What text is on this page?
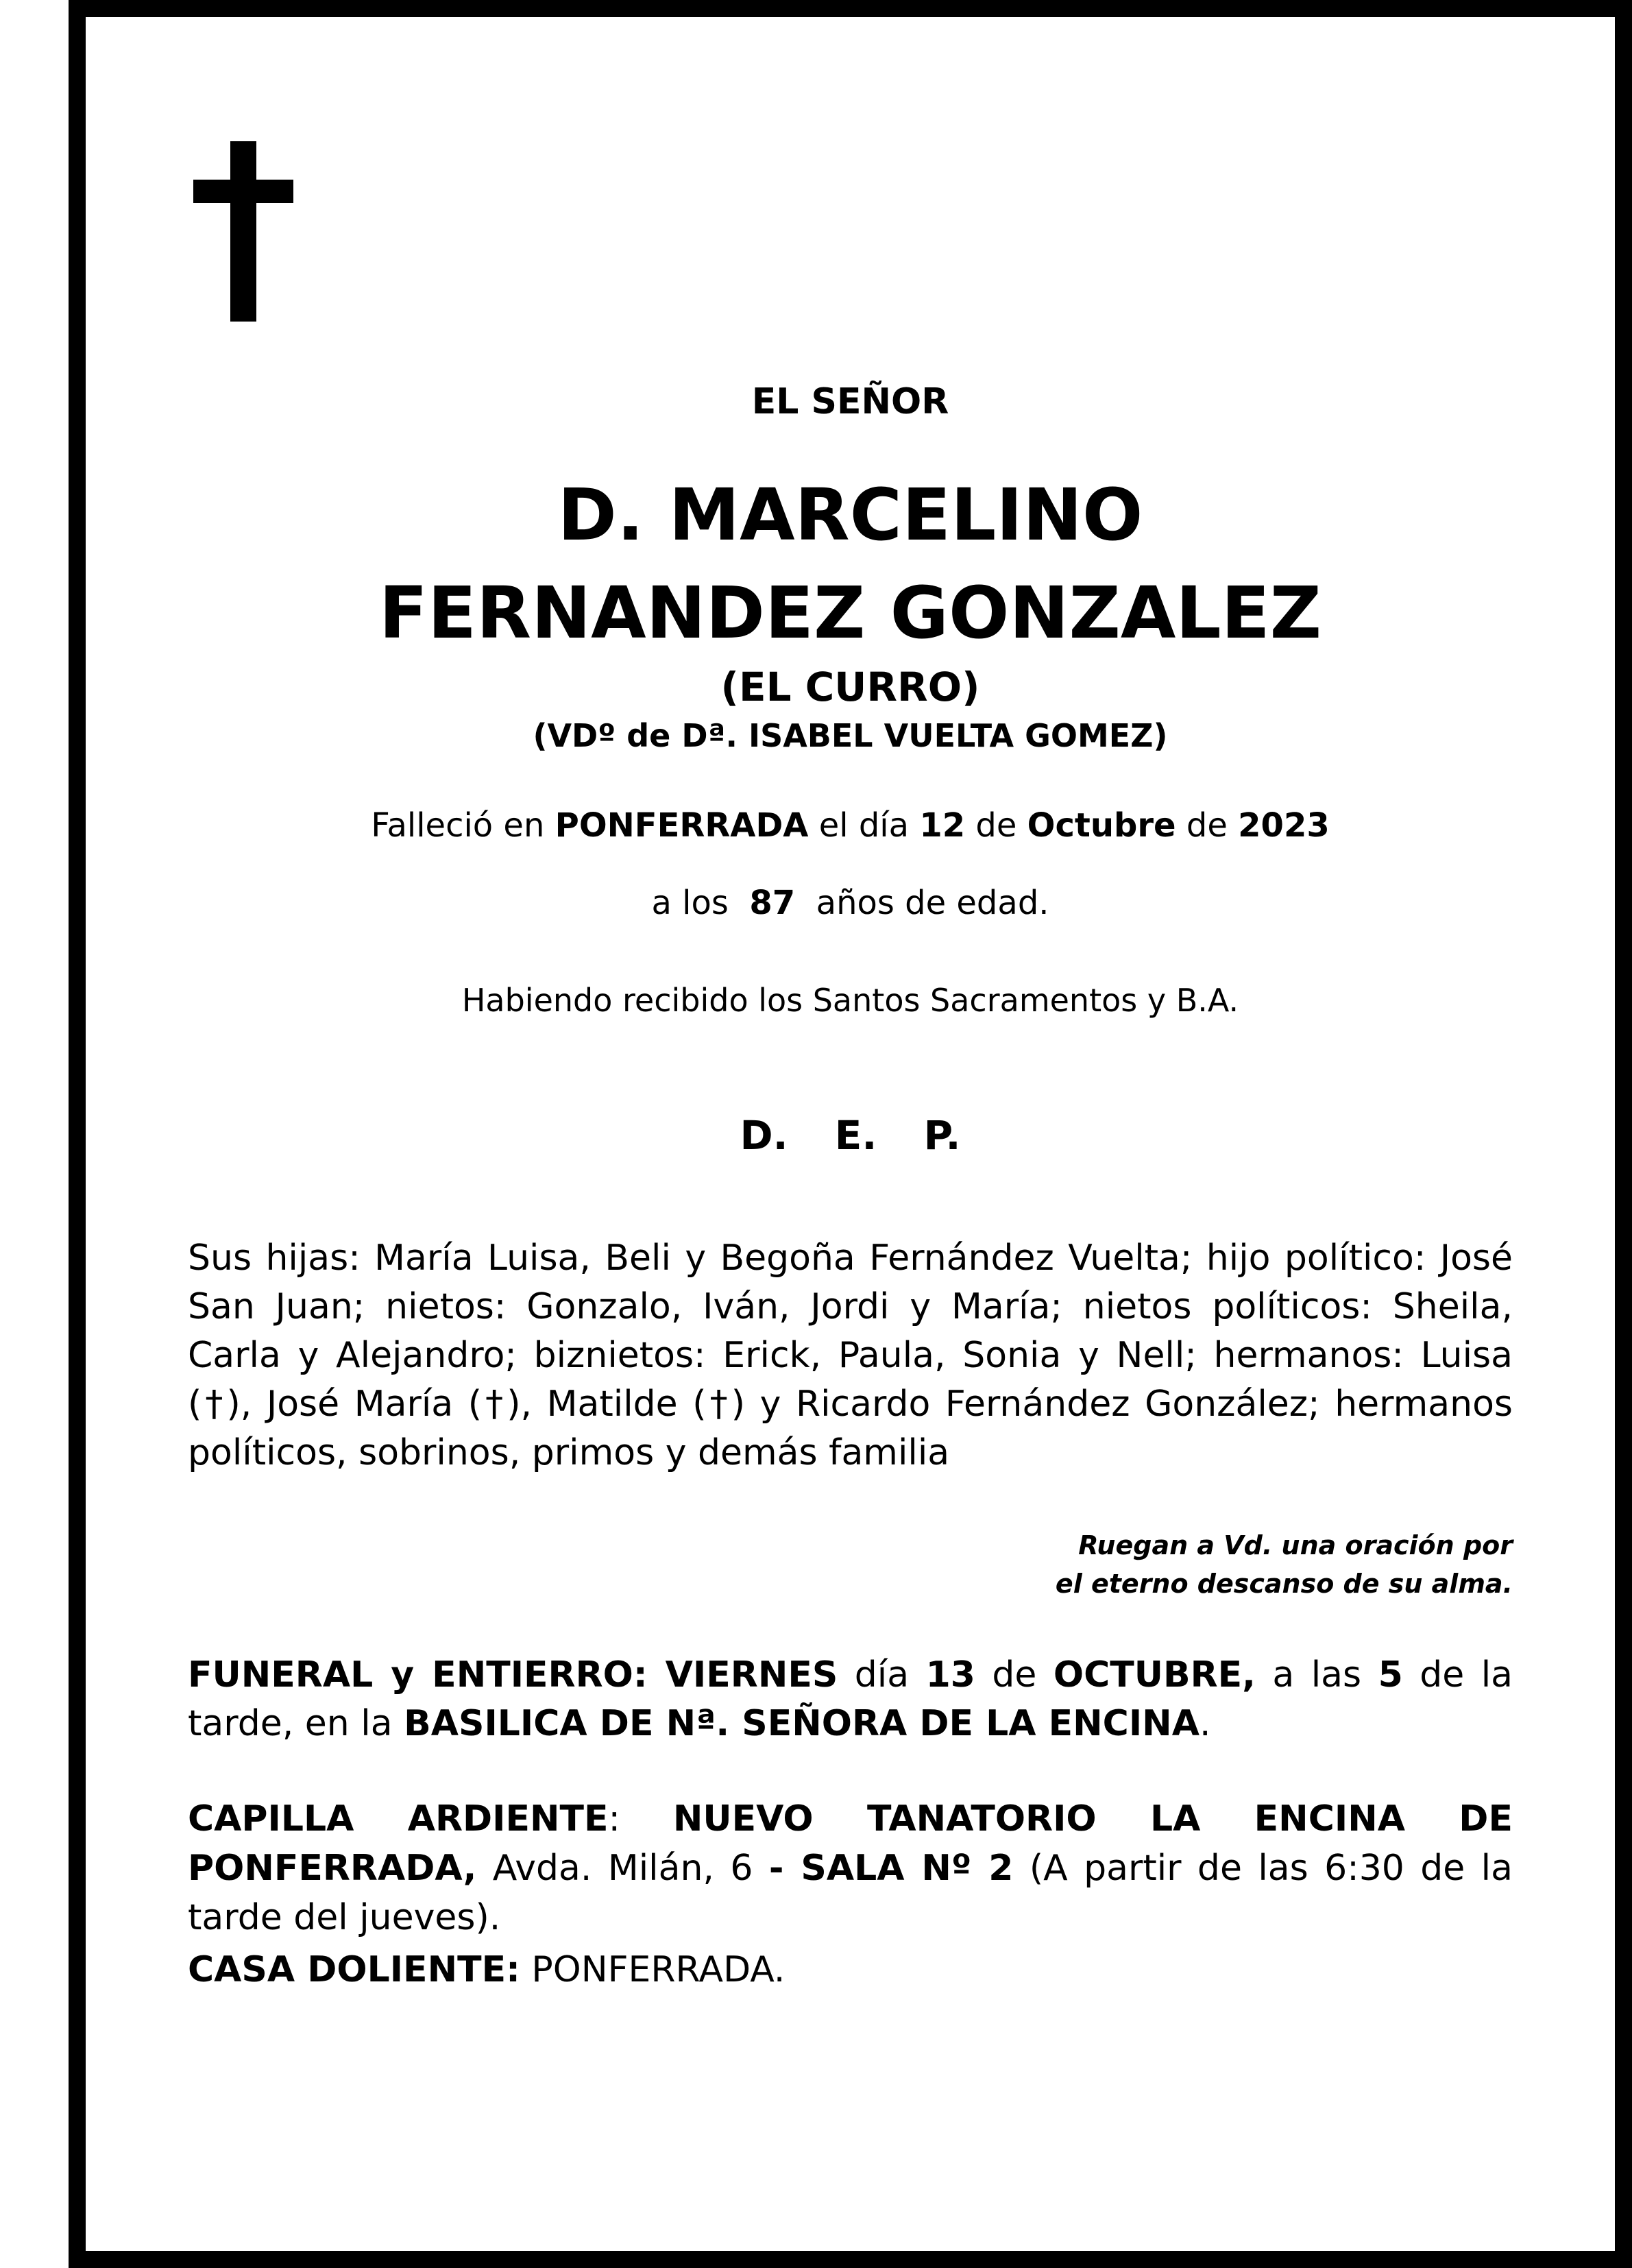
EL SEÑOR
D. MARCELINO
FERNANDEZ GONZALEZ
(EL CURRO)
(VDº de Dª. ISABEL VUELTA GOMEZ)
Falleció en PONFERRADA el día 12 de Octubre de 2023
a los 87 años de edad.
Habiendo recibido los Santos Sacramentos y B.A.
D. E. P.
Sus hijas: María Luisa, Beli y Begoña Fernández Vuelta; hijo político: José San Juan; nietos: Gonzalo, Iván, Jordi y María; nietos políticos: Sheila, Carla y Alejandro; biznietos: Erick, Paula, Sonia y Nell; hermanos: Luisa (†), José María (†), Matilde (†) y Ricardo Fernández González; hermanos políticos, sobrinos, primos y demás familia
Ruegan a Vd. una oración por
el eterno descanso de su alma.
FUNERAL y ENTIERRO: VIERNES día 13 de OCTUBRE, a las 5 de la tarde, en la BASILICA DE Nª. SEÑORA DE LA ENCINA.
CAPILLA ARDIENTE: NUEVO TANATORIO LA ENCINA DE PONFERRADA, Avda. Milán, 6 - SALA Nº 2 (A partir de las 6:30 de la tarde del jueves).
CASA DOLIENTE: PONFERRADA.
